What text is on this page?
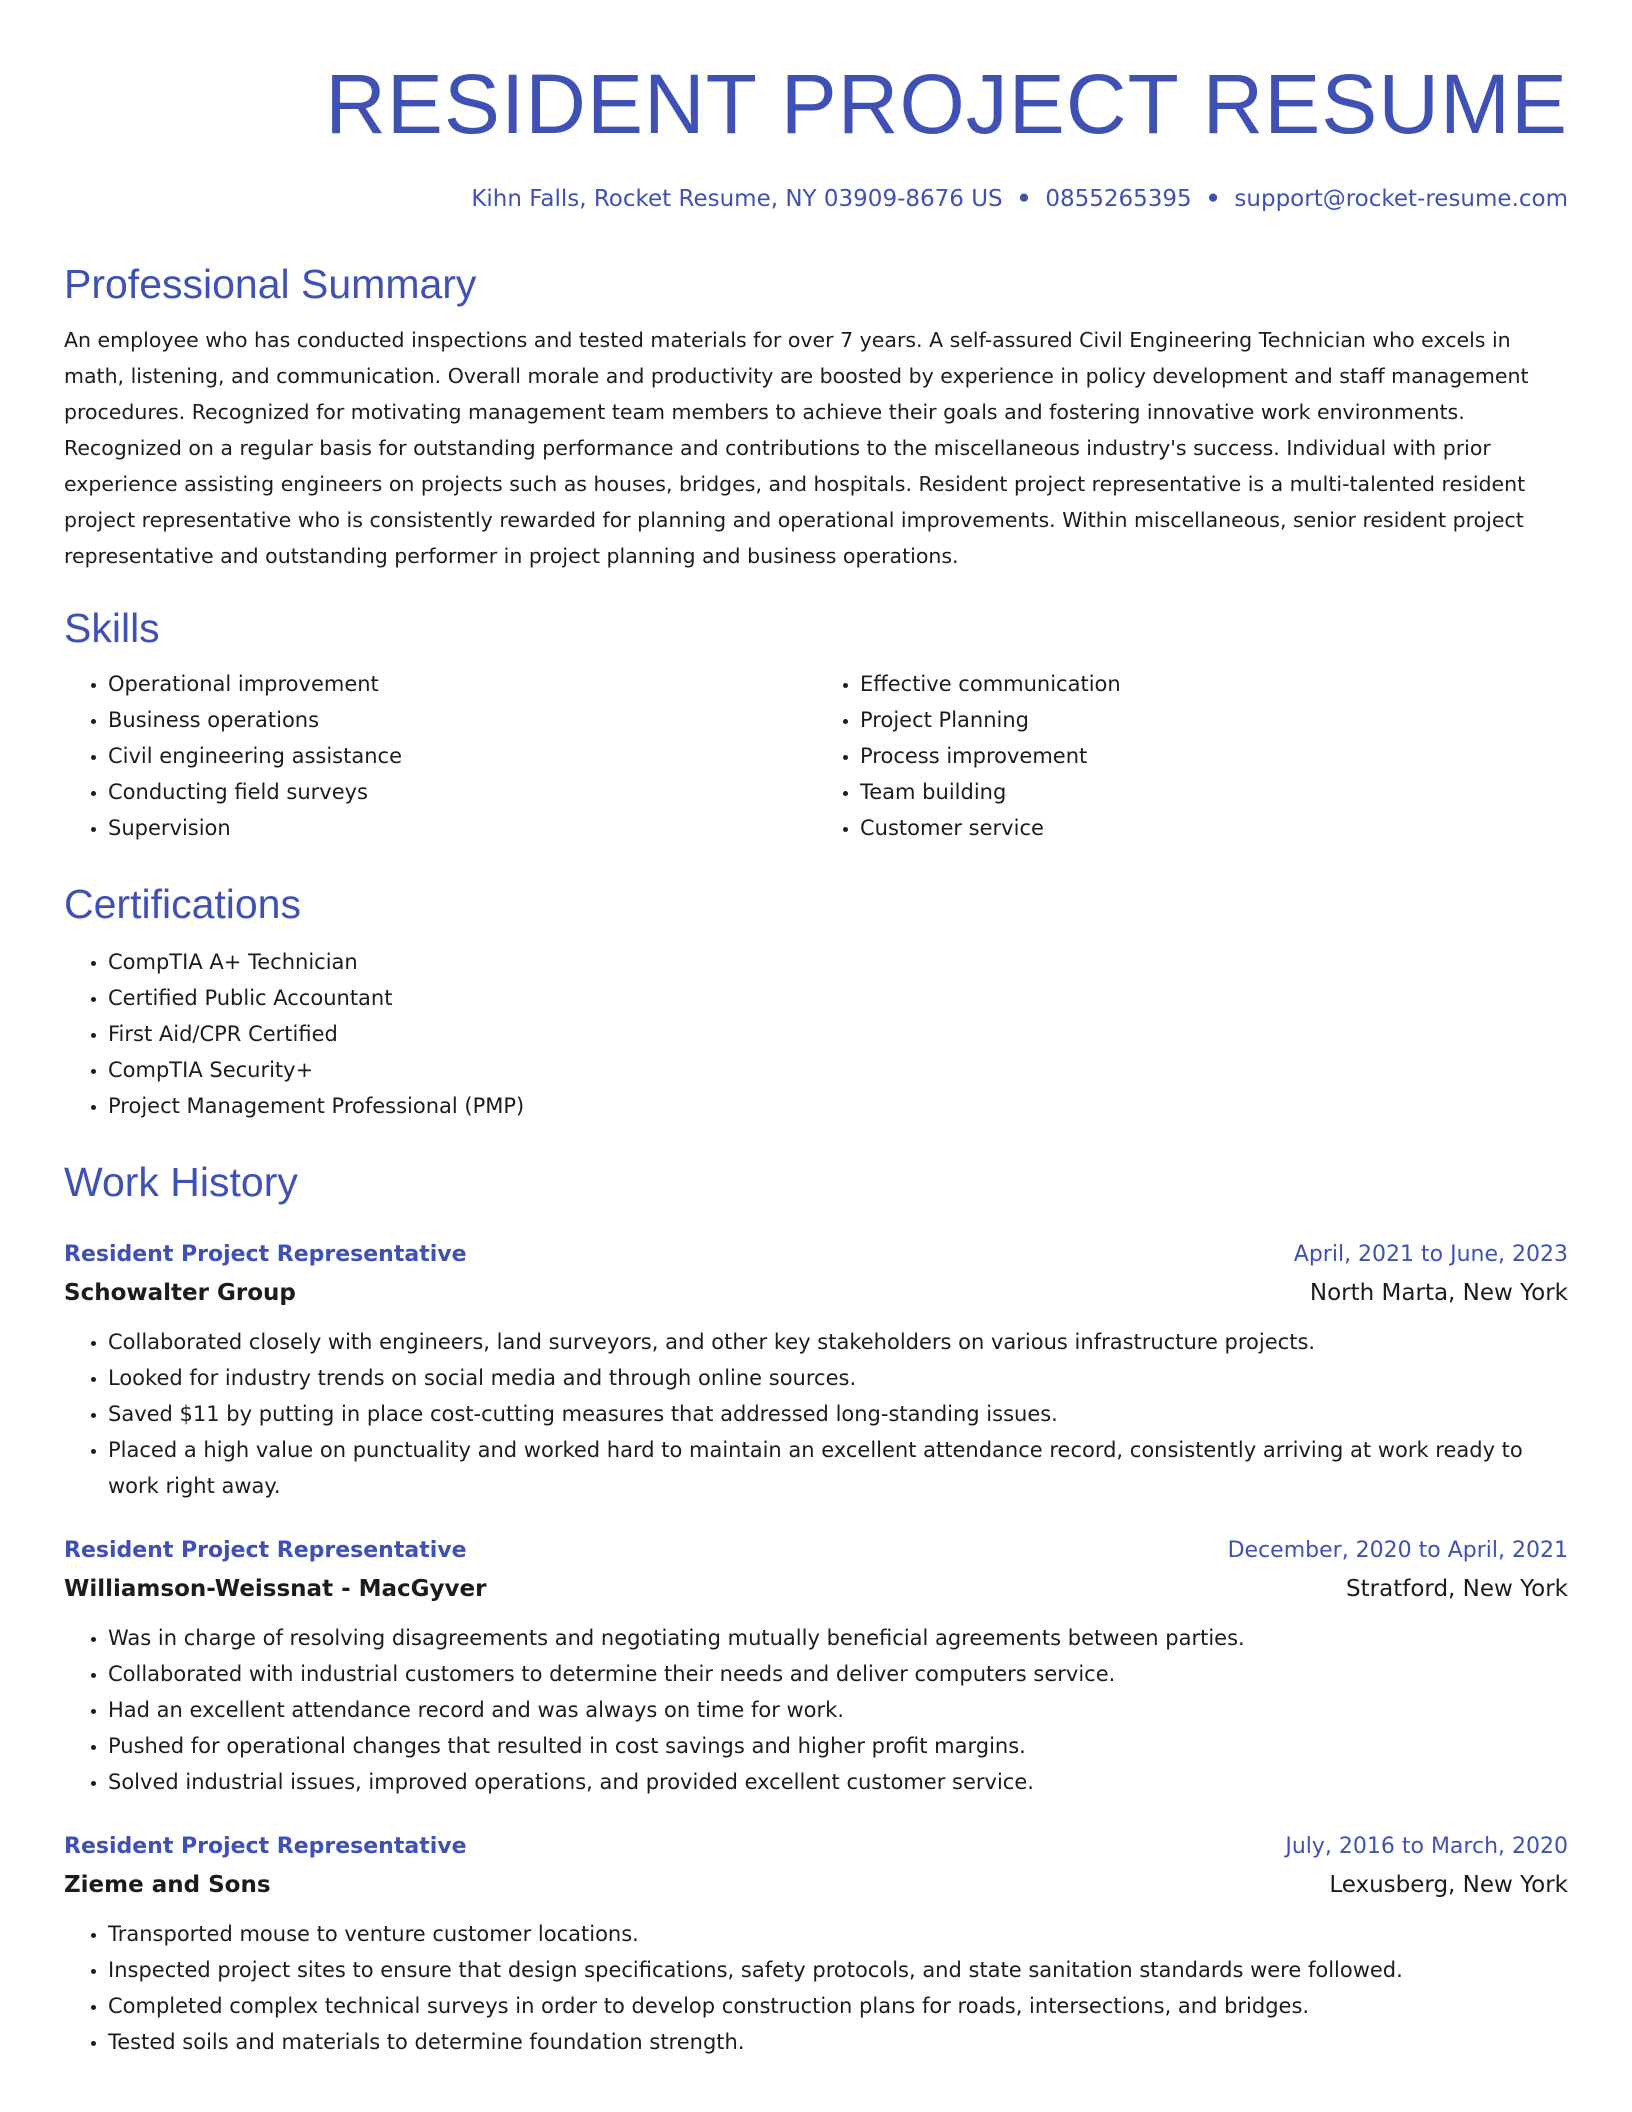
RESIDENT PROJECT RESUME
Kihn Falls, Rocket Resume, NY 03909-8676 US • 0855265395 • support@rocket-resume.com
Professional Summary
An employee who has conducted inspections and tested materials for over 7 years. A self-assured Civil Engineering Technician who excels in math, listening, and communication. Overall morale and productivity are boosted by experience in policy development and staff management procedures. Recognized for motivating management team members to achieve their goals and fostering innovative work environments. Recognized on a regular basis for outstanding performance and contributions to the miscellaneous industry's success. Individual with prior experience assisting engineers on projects such as houses, bridges, and hospitals. Resident project representative is a multi-talented resident project representative who is consistently rewarded for planning and operational improvements. Within miscellaneous, senior resident project representative and outstanding performer in project planning and business operations.
Skills
• Operational improvement
• Business operations
• Civil engineering assistance
• Conducting field surveys
• Supervision
• Effective communication
• Project Planning
• Process improvement
• Team building
• Customer service
Certifications
• CompTIA A+ Technician
• Certified Public Accountant
• First Aid/CPR Certified
• CompTIA Security+
• Project Management Professional (PMP)
Work History
Resident Project Representative	April, 2021 to June, 2023
Schowalter Group	North Marta, New York
• Collaborated closely with engineers, land surveyors, and other key stakeholders on various infrastructure projects.
• Looked for industry trends on social media and through online sources.
• Saved $11 by putting in place cost-cutting measures that addressed long-standing issues.
• Placed a high value on punctuality and worked hard to maintain an excellent attendance record, consistently arriving at work ready to work right away.
Resident Project Representative	December, 2020 to April, 2021
Williamson-Weissnat - MacGyver	Stratford, New York
• Was in charge of resolving disagreements and negotiating mutually beneficial agreements between parties.
• Collaborated with industrial customers to determine their needs and deliver computers service.
• Had an excellent attendance record and was always on time for work.
• Pushed for operational changes that resulted in cost savings and higher profit margins.
• Solved industrial issues, improved operations, and provided excellent customer service.
Resident Project Representative	July, 2016 to March, 2020
Zieme and Sons	Lexusberg, New York
• Transported mouse to venture customer locations.
• Inspected project sites to ensure that design specifications, safety protocols, and state sanitation standards were followed.
• Completed complex technical surveys in order to develop construction plans for roads, intersections, and bridges.
• Tested soils and materials to determine foundation strength.
